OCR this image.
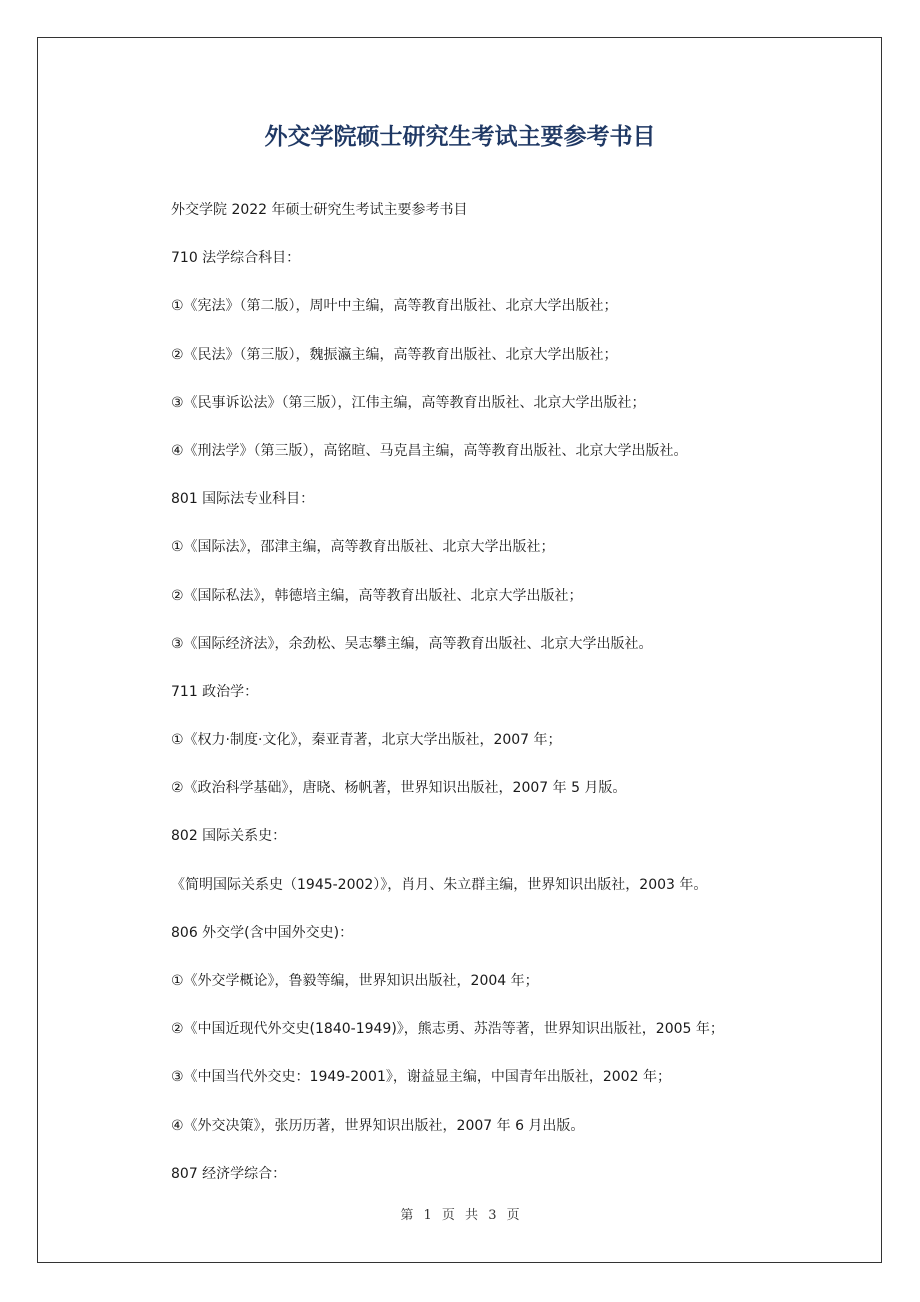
外交学院硕士研究生考试主要参考书目
外交学院 2022 年硕士研究生考试主要参考书目
710 法学综合科目：
①《宪法》（第二版），周叶中主编，高等教育出版社、北京大学出版社；
②《民法》（第三版），魏振瀛主编，高等教育出版社、北京大学出版社；
③《民事诉讼法》（第三版），江伟主编，高等教育出版社、北京大学出版社；
④《刑法学》（第三版），高铭暄、马克昌主编，高等教育出版社、北京大学出版社。
801 国际法专业科目：
①《国际法》，邵津主编，高等教育出版社、北京大学出版社；
②《国际私法》，韩德培主编，高等教育出版社、北京大学出版社；
③《国际经济法》，余劲松、吴志攀主编，高等教育出版社、北京大学出版社。
711 政治学：
①《权力·制度·文化》，秦亚青著，北京大学出版社，2007 年；
②《政治科学基础》，唐晓、杨帆著，世界知识出版社，2007 年 5 月版。
802 国际关系史：
《简明国际关系史（1945-2002）》，肖月、朱立群主编，世界知识出版社，2003 年。
806 外交学(含中国外交史)：
①《外交学概论》，鲁毅等编，世界知识出版社，2004 年；
②《中国近现代外交史(1840-1949)》，熊志勇、苏浩等著，世界知识出版社，2005 年；
③《中国当代外交史：1949-2001》，谢益显主编，中国青年出版社，2002 年；
④《外交决策》，张历历著，世界知识出版社，2007 年 6 月出版。
807 经济学综合：
第 1 页 共 3 页
